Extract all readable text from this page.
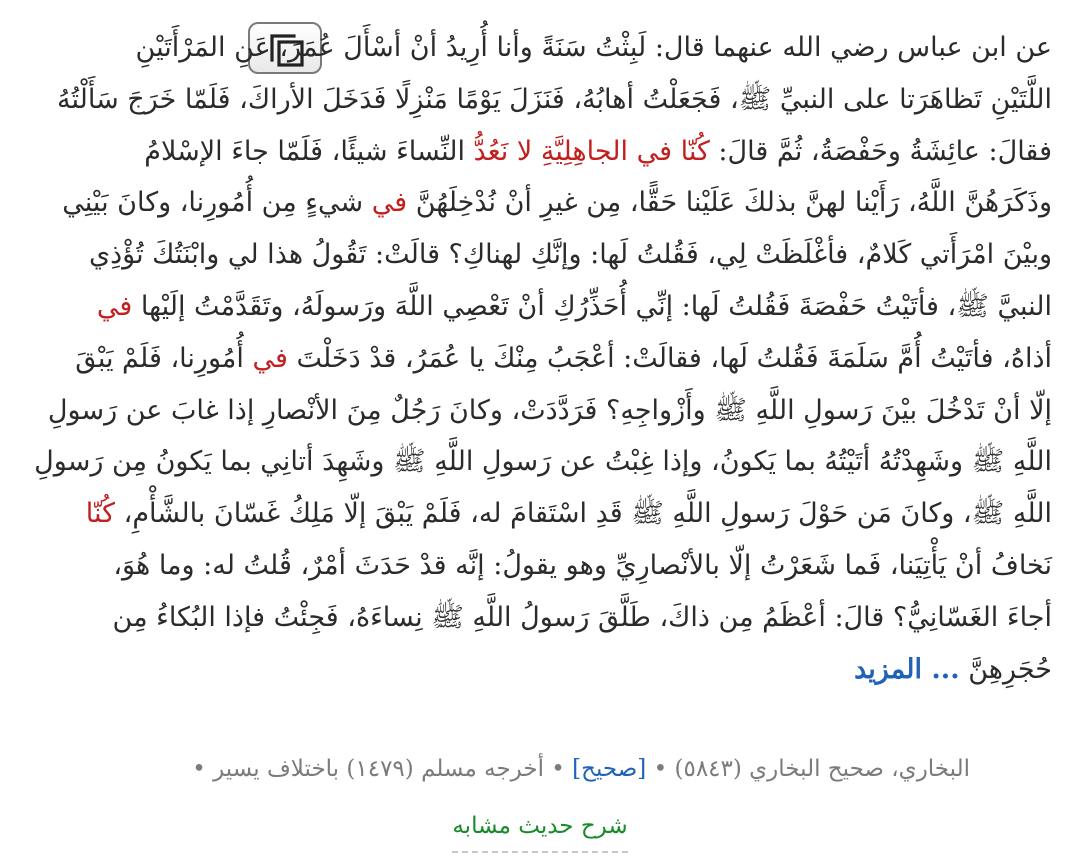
عن ابن عباس رضي الله عنهما قال: لَبِثْتُ سَنَةً وأنا أُرِيدُ أنْ أسْأَلَ عُمَرَ، عَنِ المَرْأَتَيْنِ
اللَّتَيْنِ تَظاهَرَتا على النبيِّ ﷺ، فَجَعَلْتُ أهابُهُ، فَنَزَلَ يَوْمًا مَنْزِلًا فَدَخَلَ الأراكَ، فَلَمّا خَرَجَ سَأَلْتُهُ
فقالَ: عائِشَةُ وحَفْصَةُ، ثُمَّ قالَ: كُنّا في الجاهِلِيَّةِ لا نَعُدُّ النِّساءَ شيئًا، فَلَمّا جاءَ الإسْلامُ
وذَكَرَهُنَّ اللَّهُ، رَأَيْنا لهنَّ بذلكَ عَلَيْنا حَقًّا، مِن غيرِ أنْ نُدْخِلَهُنَّ في شيءٍ مِن أُمُورِنا، وكانَ بَيْنِي
وبيْنَ امْرَأَتي كَلامٌ، فأغْلَظَتْ لِي، فَقُلتُ لَها: وإنَّكِ لهناكِ؟ قالَتْ: تَقُولُ هذا لي وابْنَتُكَ تُؤْذِي
النبيَّ ﷺ، فأتَيْتُ حَفْصَةَ فَقُلتُ لَها: إنِّي أُحَذِّرُكِ أنْ تَعْصِي اللَّهَ ورَسولَهُ، وتَقَدَّمْتُ إلَيْها في
أذاهُ، فأتَيْتُ أُمَّ سَلَمَةَ فَقُلتُ لَها، فقالَتْ: أعْجَبُ مِنْكَ يا عُمَرُ، قدْ دَخَلْتَ في أُمُورِنا، فَلَمْ يَبْقَ
إلّا أنْ تَدْخُلَ بيْنَ رَسولِ اللَّهِ ﷺ وأَزْواجِهِ؟ فَرَدَّدَتْ، وكانَ رَجُلٌ مِنَ الأنْصارِ إذا غابَ عن رَسولِ
اللَّهِ ﷺ وشَهِدْتُهُ أتَيْتُهُ بما يَكونُ، وإذا غِبْتُ عن رَسولِ اللَّهِ ﷺ وشَهِدَ أتانِي بما يَكونُ مِن رَسولِ
اللَّهِ ﷺ، وكانَ مَن حَوْلَ رَسولِ اللَّهِ ﷺ قَدِ اسْتَقامَ له، فَلَمْ يَبْقَ إلّا مَلِكُ غَسّانَ بالشَّأْمِ، كُنّا
نَخافُ أنْ يَأْتِيَنا، فَما شَعَرْتُ إلّا بالأنْصارِيِّ وهو يقولُ: إنَّه قدْ حَدَثَ أمْرٌ، قُلتُ له: وما هُوَ،
أجاءَ الغَسّانِيُّ؟ قالَ: أعْظَمُ مِن ذاكَ، طَلَّقَ رَسولُ اللَّهِ ﷺ نِساءَهُ، فَجِئْتُ فإذا البُكاءُ مِن
حُجَرِهِنَّ ... المزيد

البخاري، صحيح البخاري (٥٨٤٣) • [صحيح] • أخرجه مسلم (١٤٧٩) باختلاف يسير •
شرح حديث مشابه
